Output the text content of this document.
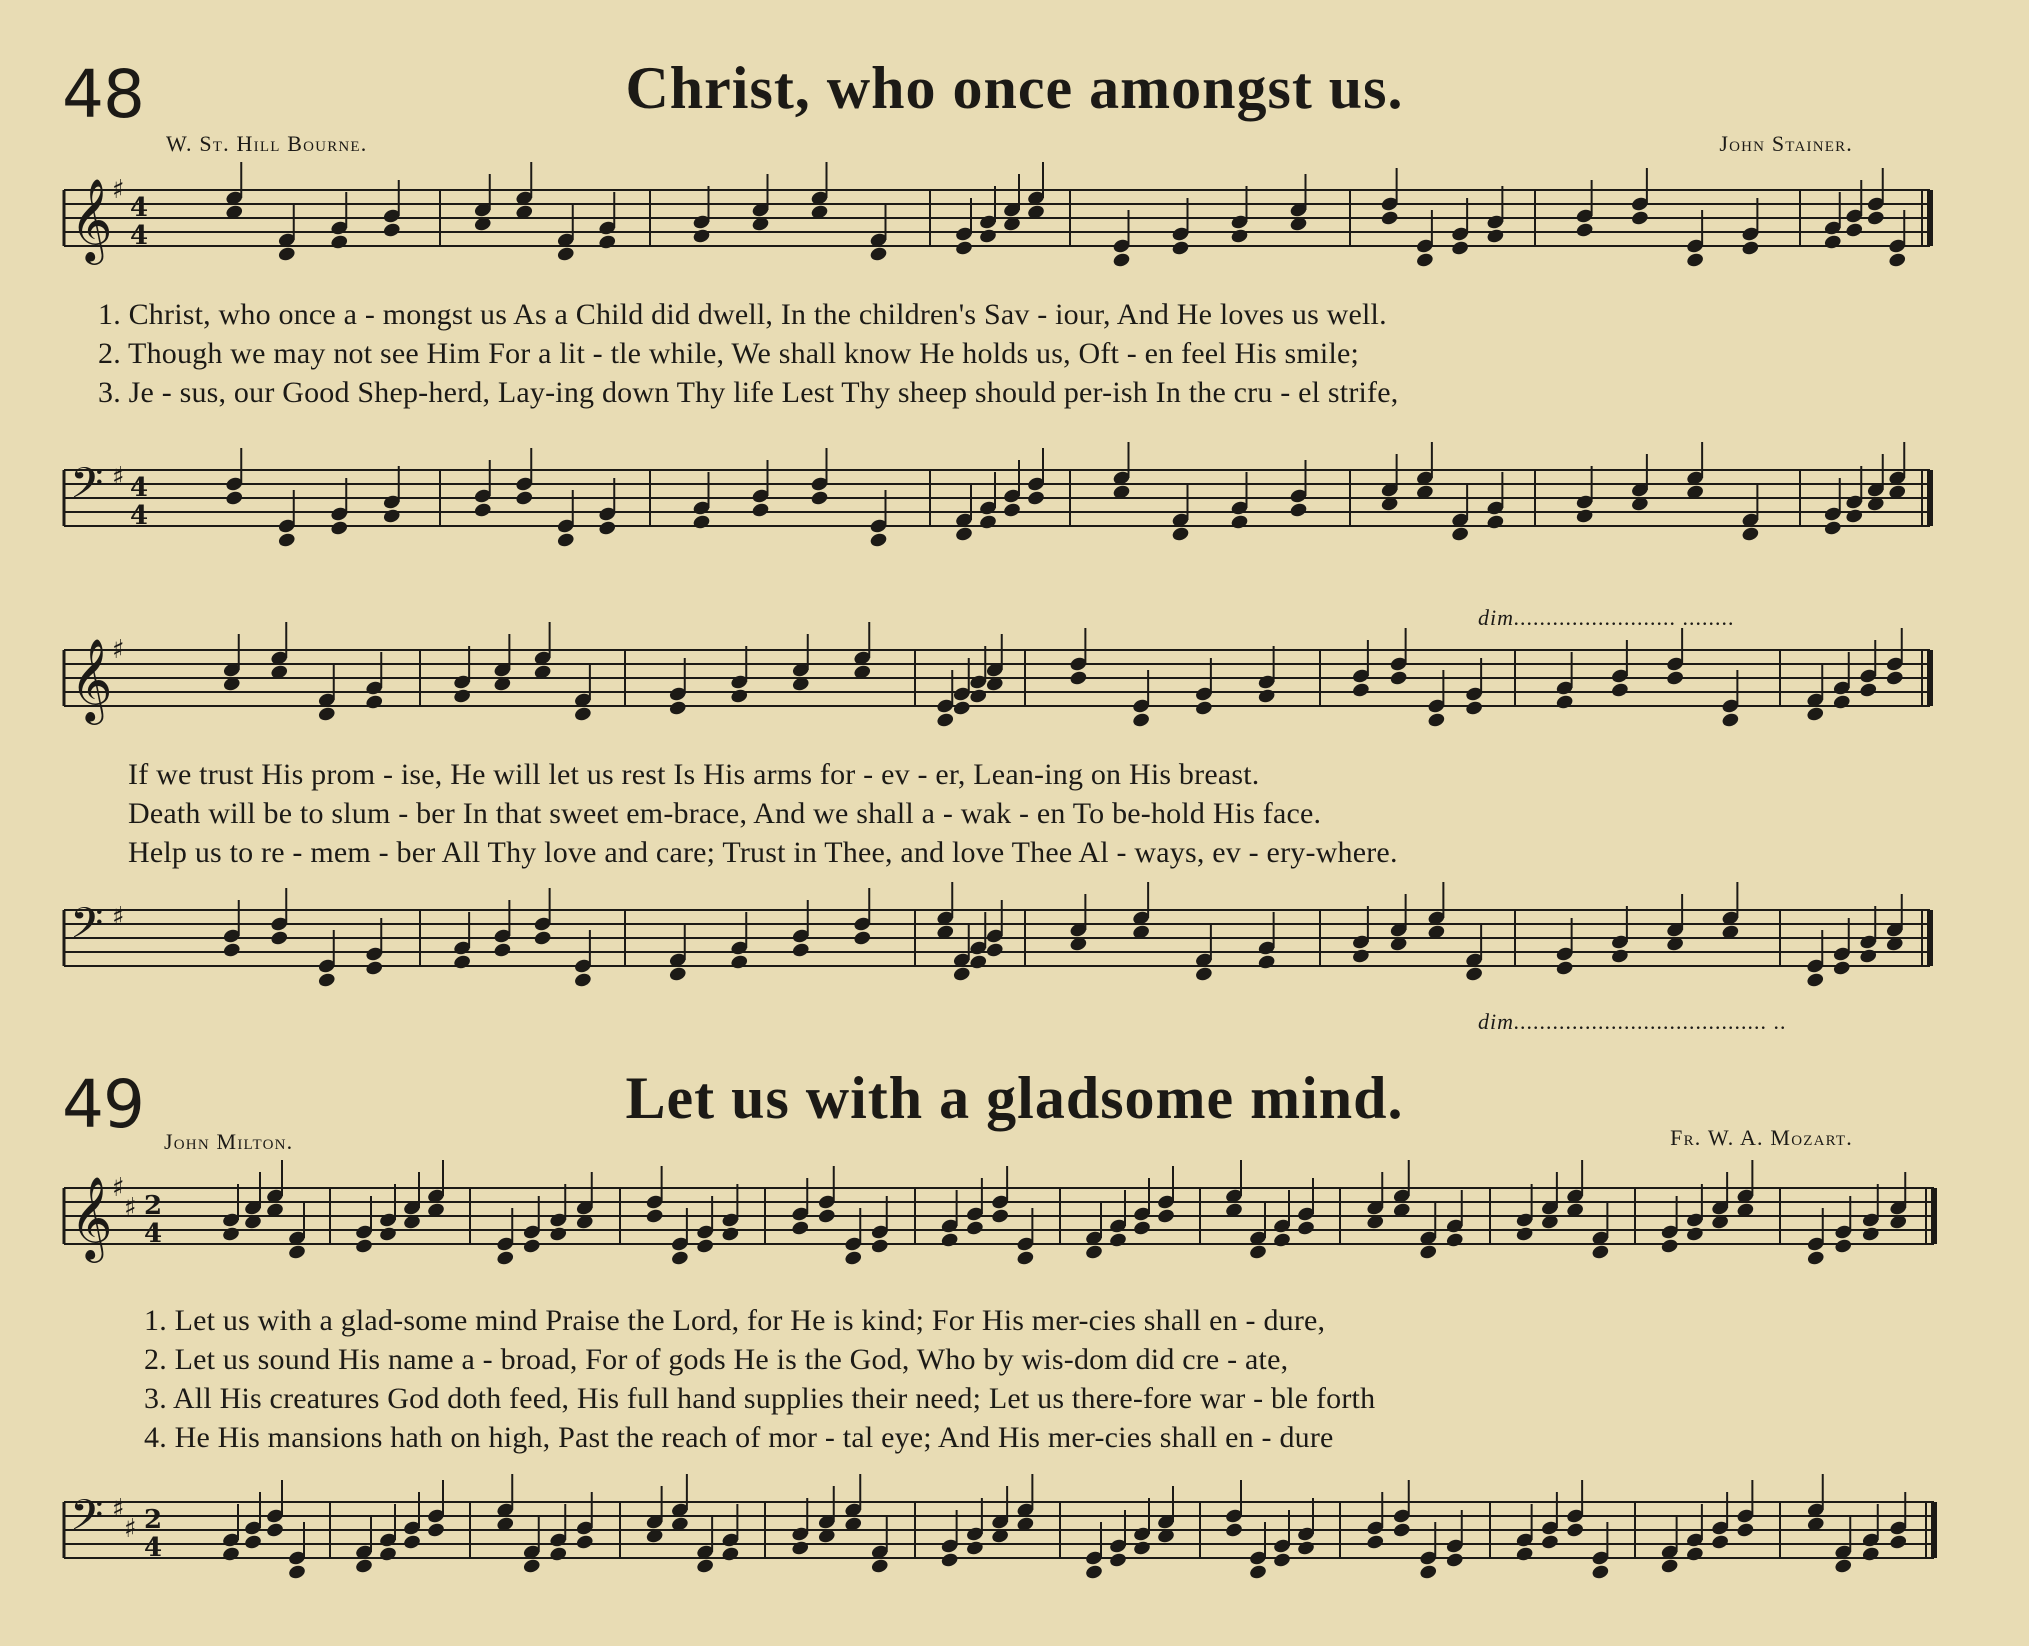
48	Christ, who once amongst us.
W. St. Hill Bourne.	John Stainer.
𝄞 ♯
4
4
1. Christ, who once a - mongst us As a Child did dwell, In the children's Sav - iour, And He loves us well.
2. Though we may not see Him For a lit - tle while, We shall know He holds us, Oft - en feel His smile;
3. Je - sus, our Good Shep-herd, Lay-ing down Thy life Lest Thy sheep should per-ish In the cru - el strife,
𝄢 ♯ 4
4
𝄞 ♯
dim......................... ........
If we trust His prom - ise, He will let us rest Is His arms for - ev - er, Lean-ing on His breast.
Death will be to slum - ber In that sweet em-brace, And we shall a - wak - en To be-hold His face.
Help us to re - mem - ber All Thy love and care; Trust in Thee, and love Thee Al - ways, ev - ery-where.
𝄢 ♯
dim....................................... ..
49	Let us with a gladsome mind.
John Milton.	Fr. W. A. Mozart.
𝄞 ♯
♯ 2
4
1. Let us with a glad-some mind Praise the Lord, for He is kind; For His mer-cies shall en - dure,
2. Let us sound His name a - broad, For of gods He is the God, Who by wis-dom did cre - ate,
3. All His creatures God doth feed, His full hand supplies their need; Let us there-fore war - ble forth
4. He His mansions hath on high, Past the reach of mor - tal eye; And His mer-cies shall en - dure
𝄢 ♯
♯ 2
4
